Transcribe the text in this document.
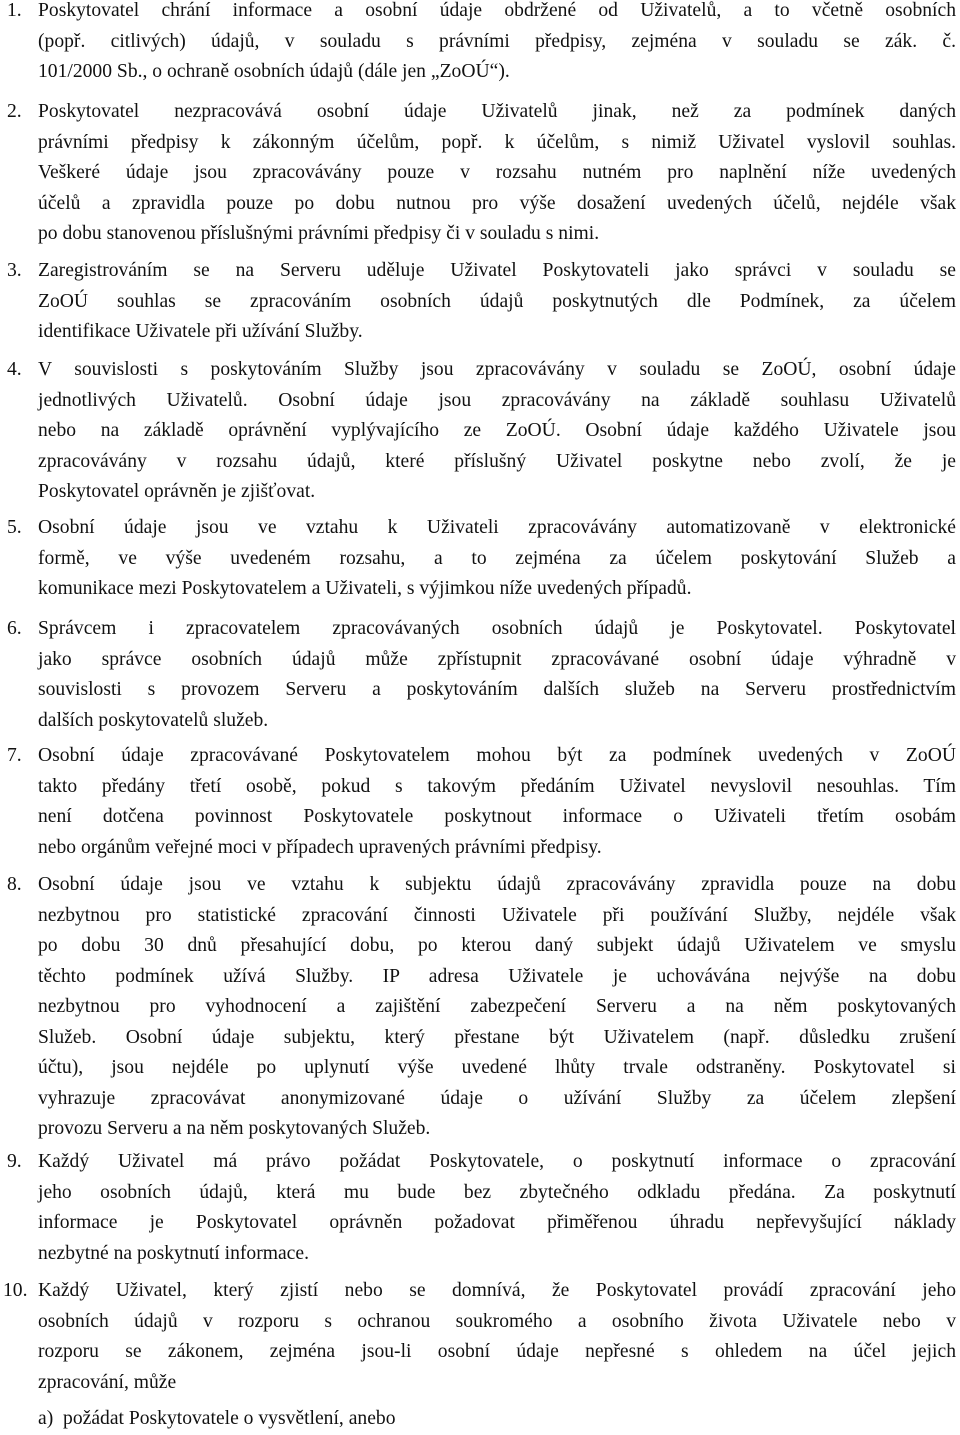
1. Poskytovatel chrání informace a osobní údaje obdržené od Uživatelů, a to včetně osobních
(popř. citlivých) údajů, v souladu s právními předpisy, zejména v souladu se zák. č.
101/2000 Sb., o ochraně osobních údajů (dále jen „ZoOÚ“).
2. Poskytovatel nezpracovává osobní údaje Uživatelů jinak, než za podmínek daných
právními předpisy k zákonným účelům, popř. k účelům, s nimiž Uživatel vyslovil souhlas.
Veškeré údaje jsou zpracovávány pouze v rozsahu nutném pro naplnění níže uvedených
účelů a zpravidla pouze po dobu nutnou pro výše dosažení uvedených účelů, nejdéle však
po dobu stanovenou příslušnými právními předpisy či v souladu s nimi.
3. Zaregistrováním se na Serveru uděluje Uživatel Poskytovateli jako správci v souladu se
ZoOÚ souhlas se zpracováním osobních údajů poskytnutých dle Podmínek, za účelem
identifikace Uživatele při užívání Služby.
4. V souvislosti s poskytováním Služby jsou zpracovávány v souladu se ZoOÚ, osobní údaje
jednotlivých Uživatelů. Osobní údaje jsou zpracovávány na základě souhlasu Uživatelů
nebo na základě oprávnění vyplývajícího ze ZoOÚ. Osobní údaje každého Uživatele jsou
zpracovávány v rozsahu údajů, které příslušný Uživatel poskytne nebo zvolí, že je
Poskytovatel oprávněn je zjišťovat.
5. Osobní údaje jsou ve vztahu k Uživateli zpracovávány automatizovaně v elektronické
formě, ve výše uvedeném rozsahu, a to zejména za účelem poskytování Služeb a
komunikace mezi Poskytovatelem a Uživateli, s výjimkou níže uvedených případů.
6. Správcem i zpracovatelem zpracovávaných osobních údajů je Poskytovatel. Poskytovatel
jako správce osobních údajů může zpřístupnit zpracovávané osobní údaje výhradně v
souvislosti s provozem Serveru a poskytováním dalších služeb na Serveru prostřednictvím
dalších poskytovatelů služeb.
7. Osobní údaje zpracovávané Poskytovatelem mohou být za podmínek uvedených v ZoOÚ
takto předány třetí osobě, pokud s takovým předáním Uživatel nevyslovil nesouhlas. Tím
není dotčena povinnost Poskytovatele poskytnout informace o Uživateli třetím osobám
nebo orgánům veřejné moci v případech upravených právními předpisy.
8. Osobní údaje jsou ve vztahu k subjektu údajů zpracovávány zpravidla pouze na dobu
nezbytnou pro statistické zpracování činnosti Uživatele při používání Služby, nejdéle však
po dobu 30 dnů přesahující dobu, po kterou daný subjekt údajů Uživatelem ve smyslu
těchto podmínek užívá Služby. IP adresa Uživatele je uchovávána nejvýše na dobu
nezbytnou pro vyhodnocení a zajištění zabezpečení Serveru a na něm poskytovaných
Služeb. Osobní údaje subjektu, který přestane být Uživatelem (např. důsledku zrušení
účtu), jsou nejdéle po uplynutí výše uvedené lhůty trvale odstraněny. Poskytovatel si
vyhrazuje zpracovávat anonymizované údaje o užívání Služby za účelem zlepšení
provozu Serveru a na něm poskytovaných Služeb.
9. Každý Uživatel má právo požádat Poskytovatele, o poskytnutí informace o zpracování
jeho osobních údajů, která mu bude bez zbytečného odkladu předána. Za poskytnutí
informace je Poskytovatel oprávněn požadovat přiměřenou úhradu nepřevyšující náklady
nezbytné na poskytnutí informace.
10. Každý Uživatel, který zjistí nebo se domnívá, že Poskytovatel provádí zpracování jeho
osobních údajů v rozporu s ochranou soukromého a osobního života Uživatele nebo v
rozporu se zákonem, zejména jsou-li osobní údaje nepřesné s ohledem na účel jejich
zpracování, může
a) požádat Poskytovatele o vysvětlení, anebo
